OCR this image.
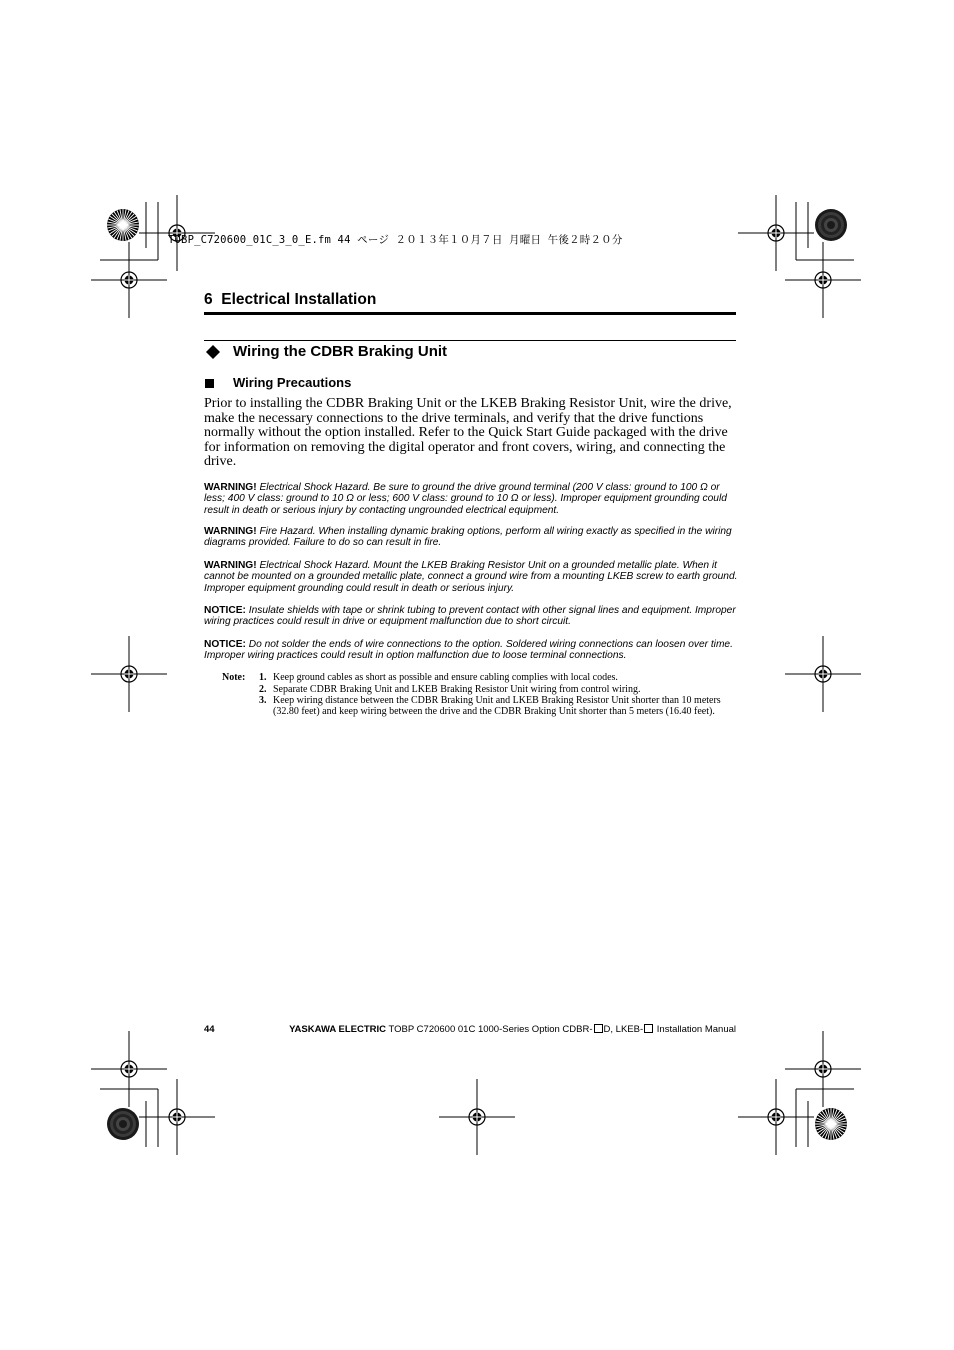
TOBP_C720600_01C_3_0_E.fm 44 ページ ２０１３年１０月７日 月曜日 午後２時２０分
6 Electrical Installation
Wiring the CDBR Braking Unit
Wiring Precautions

Prior to installing the CDBR Braking Unit or the LKEB Braking Resistor Unit, wire the drive, make the necessary connections to the drive terminals, and verify that the drive functions normally without the option installed. Refer to the Quick Start Guide packaged with the drive for information on removing the digital operator and front covers, wiring, and connecting the drive.

WARNING! Electrical Shock Hazard. Be sure to ground the drive ground terminal (200 V class: ground to 100 Ω or less; 400 V class: ground to 10 Ω or less; 600 V class: ground to 10 Ω or less). Improper equipment grounding could result in death or serious injury by contacting ungrounded electrical equipment.

WARNING! Fire Hazard. When installing dynamic braking options, perform all wiring exactly as specified in the wiring diagrams provided. Failure to do so can result in fire.

WARNING! Electrical Shock Hazard. Mount the LKEB Braking Resistor Unit on a grounded metallic plate. When it cannot be mounted on a grounded metallic plate, connect a ground wire from a mounting LKEB screw to earth ground. Improper equipment grounding could result in death or serious injury.

NOTICE: Insulate shields with tape or shrink tubing to prevent contact with other signal lines and equipment. Improper wiring practices could result in drive or equipment malfunction due to short circuit.

NOTICE: Do not solder the ends of wire connections to the option. Soldered wiring connections can loosen over time. Improper wiring practices could result in option malfunction due to loose terminal connections.

Note: 1. Keep ground cables as short as possible and ensure cabling complies with local codes.
2. Separate CDBR Braking Unit and LKEB Braking Resistor Unit wiring from control wiring.
3. Keep wiring distance between the CDBR Braking Unit and LKEB Braking Resistor Unit shorter than 10 meters (32.80 feet) and keep wiring between the drive and the CDBR Braking Unit shorter than 5 meters (16.40 feet).
44	YASKAWA ELECTRIC TOBP C720600 01C 1000-Series Option CDBR- D, LKEB- Installation Manual
